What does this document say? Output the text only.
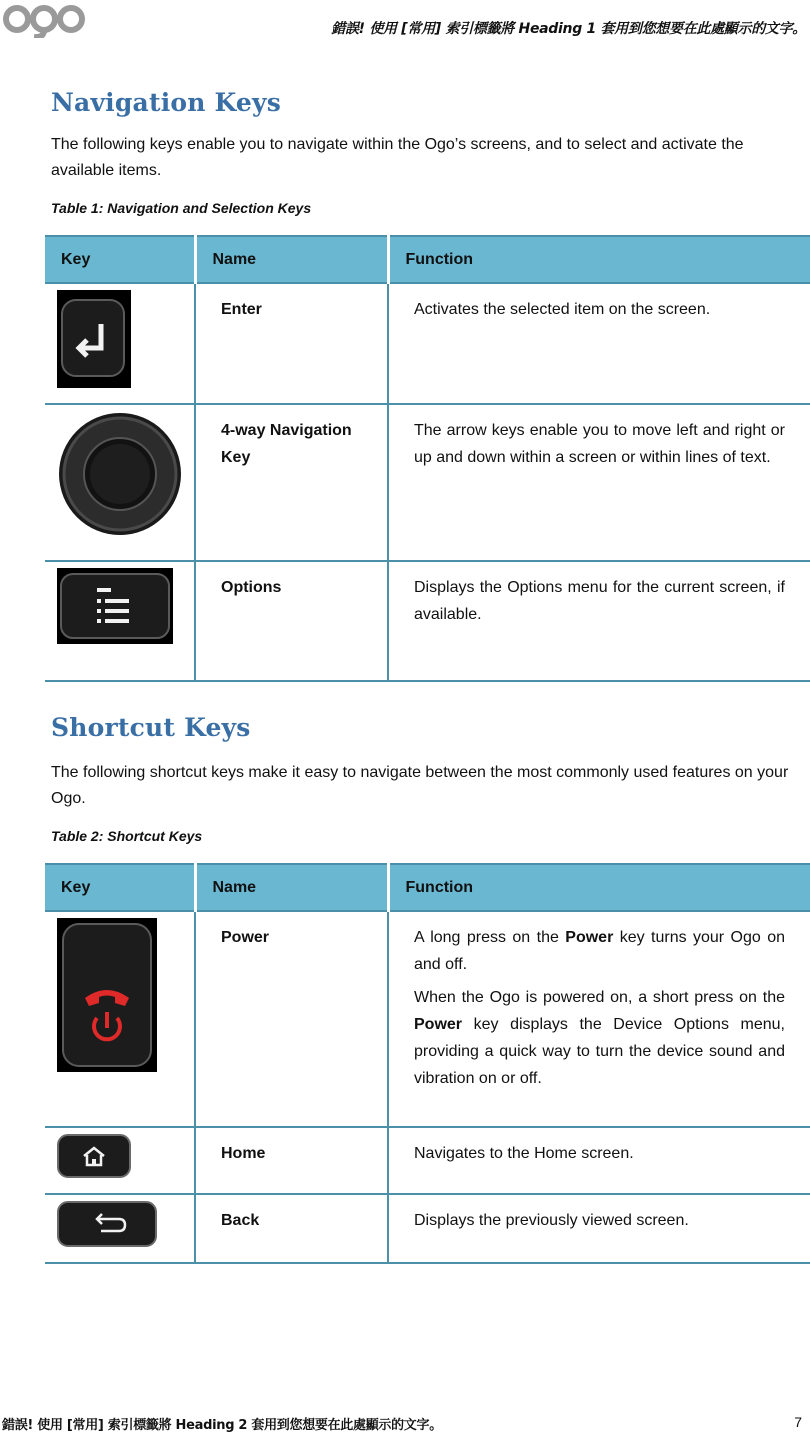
錯誤! 使用 [常用] 索引標籤將 Heading 1 套用到您想要在此處顯示的文字。
Navigation Keys

The following keys enable you to navigate within the Ogo’s screens, and to select and activate the available items.

Table 1: Navigation and Selection Keys

Key	Name	Function
	Enter	Activates the selected item on the screen.
	4-way Navigation Key	The arrow keys enable you to move left and right or up and down within a screen or within lines of text.
	Options	Displays the Options menu for the current screen, if available.
Shortcut Keys

The following shortcut keys make it easy to navigate between the most commonly used features on your Ogo.

Table 2: Shortcut Keys

Key	Name	Function
	Power	A long press on the Power key turns your Ogo on and off.

When the Ogo is powered on, a short press on the Power key displays the Device Options menu, providing a quick way to turn the device sound and vibration on or off.

	Home	Navigates to the Home screen.
	Back	Displays the previously viewed screen.
錯誤! 使用 [常用] 索引標籤將 Heading 2 套用到您想要在此處顯示的文字。	7
